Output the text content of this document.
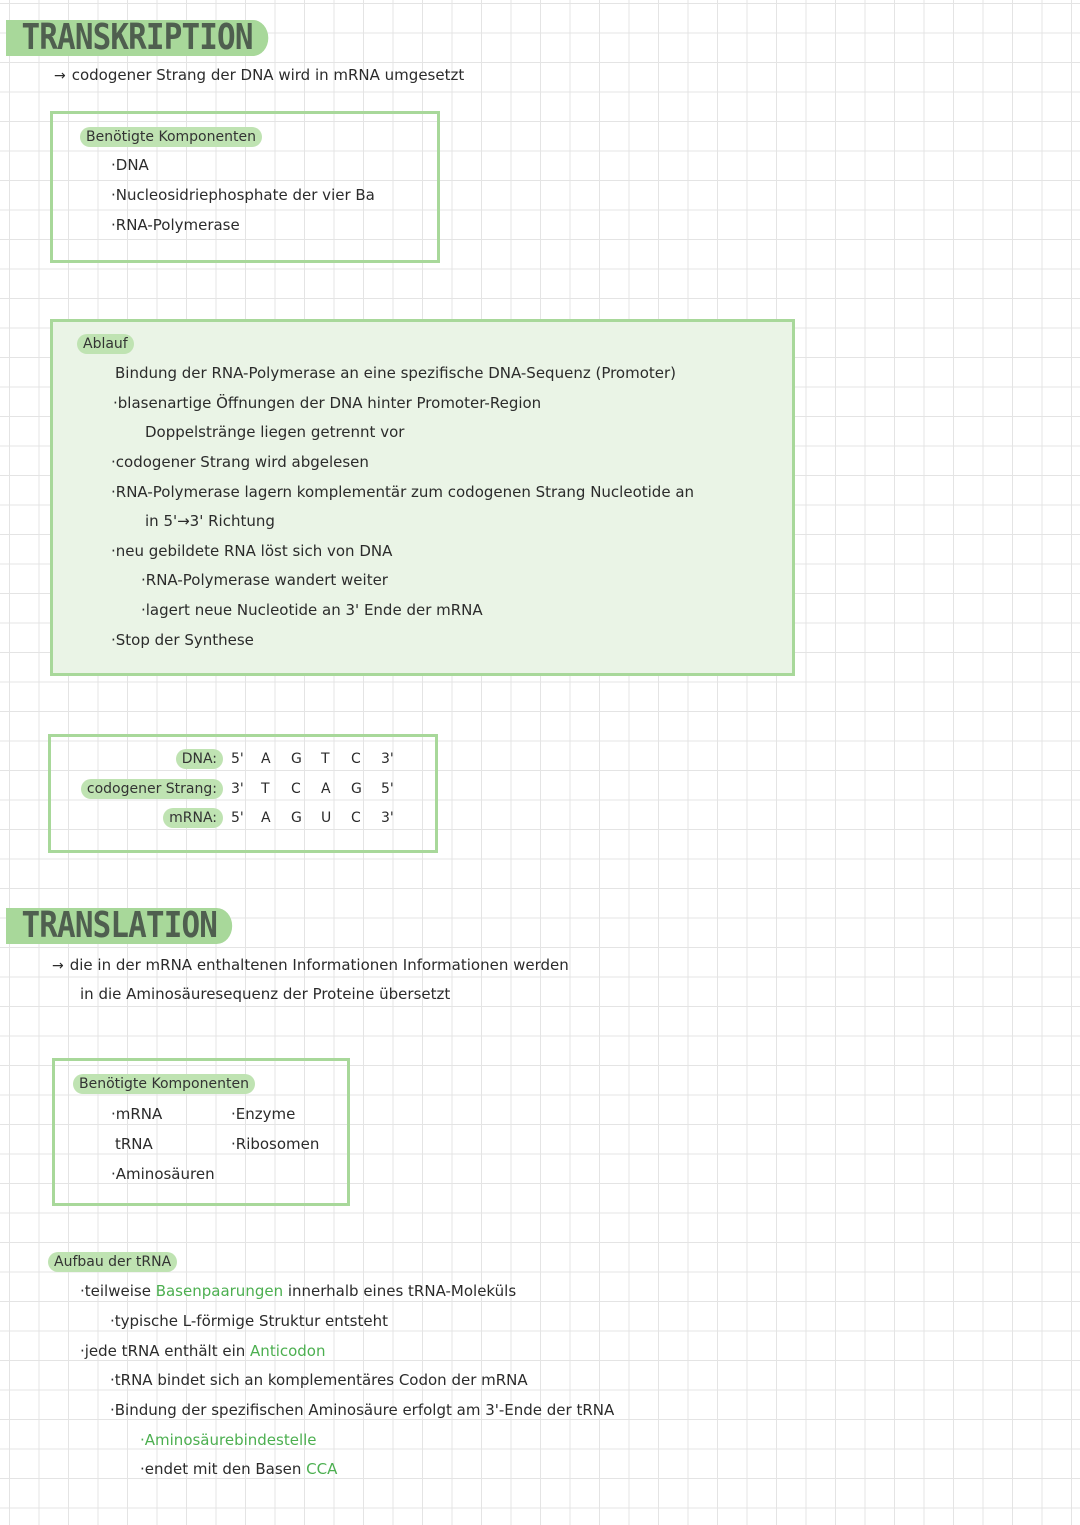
TRANSKRIPTION
→ codogener Strang der DNA wird in mRNA umgesetzt
Benötigte Komponenten
·DNA
·Nucleosidriephosphate der vier Ba
·RNA-Polymerase
Ablauf
Bindung der RNA-Polymerase an eine spezifische DNA-Sequenz (Promoter)
·blasenartige Öffnungen der DNA hinter Promoter-Region
Doppelstränge liegen getrennt vor
·codogener Strang wird abgelesen
·RNA-Polymerase lagern komplementär zum codogenen Strang Nucleotide an
in 5'→3' Richtung
·neu gebildete RNA löst sich von DNA
·RNA-Polymerase wandert weiter
·lagert neue Nucleotide an 3' Ende der mRNA
·Stop der Synthese
DNA:	5' A G T C 3'
codogener Strang:	3' T C A G 5'
mRNA:	5' A G U C 3'
TRANSLATION
→ die in der mRNA enthaltenen Informationen Informationen werden
in die Aminosäuresequenz der Proteine übersetzt
Benötigte Komponenten
·mRNA
tRNA
·Aminosäuren
·Enzyme
·Ribosomen
Aufbau der tRNA
·teilweise Basenpaarungen innerhalb eines tRNA-Moleküls
·typische L-förmige Struktur entsteht
·jede tRNA enthält ein Anticodon
·tRNA bindet sich an komplementäres Codon der mRNA
·Bindung der spezifischen Aminosäure erfolgt am 3'-Ende der tRNA
·Aminosäurebindestelle
·endet mit den Basen CCA
